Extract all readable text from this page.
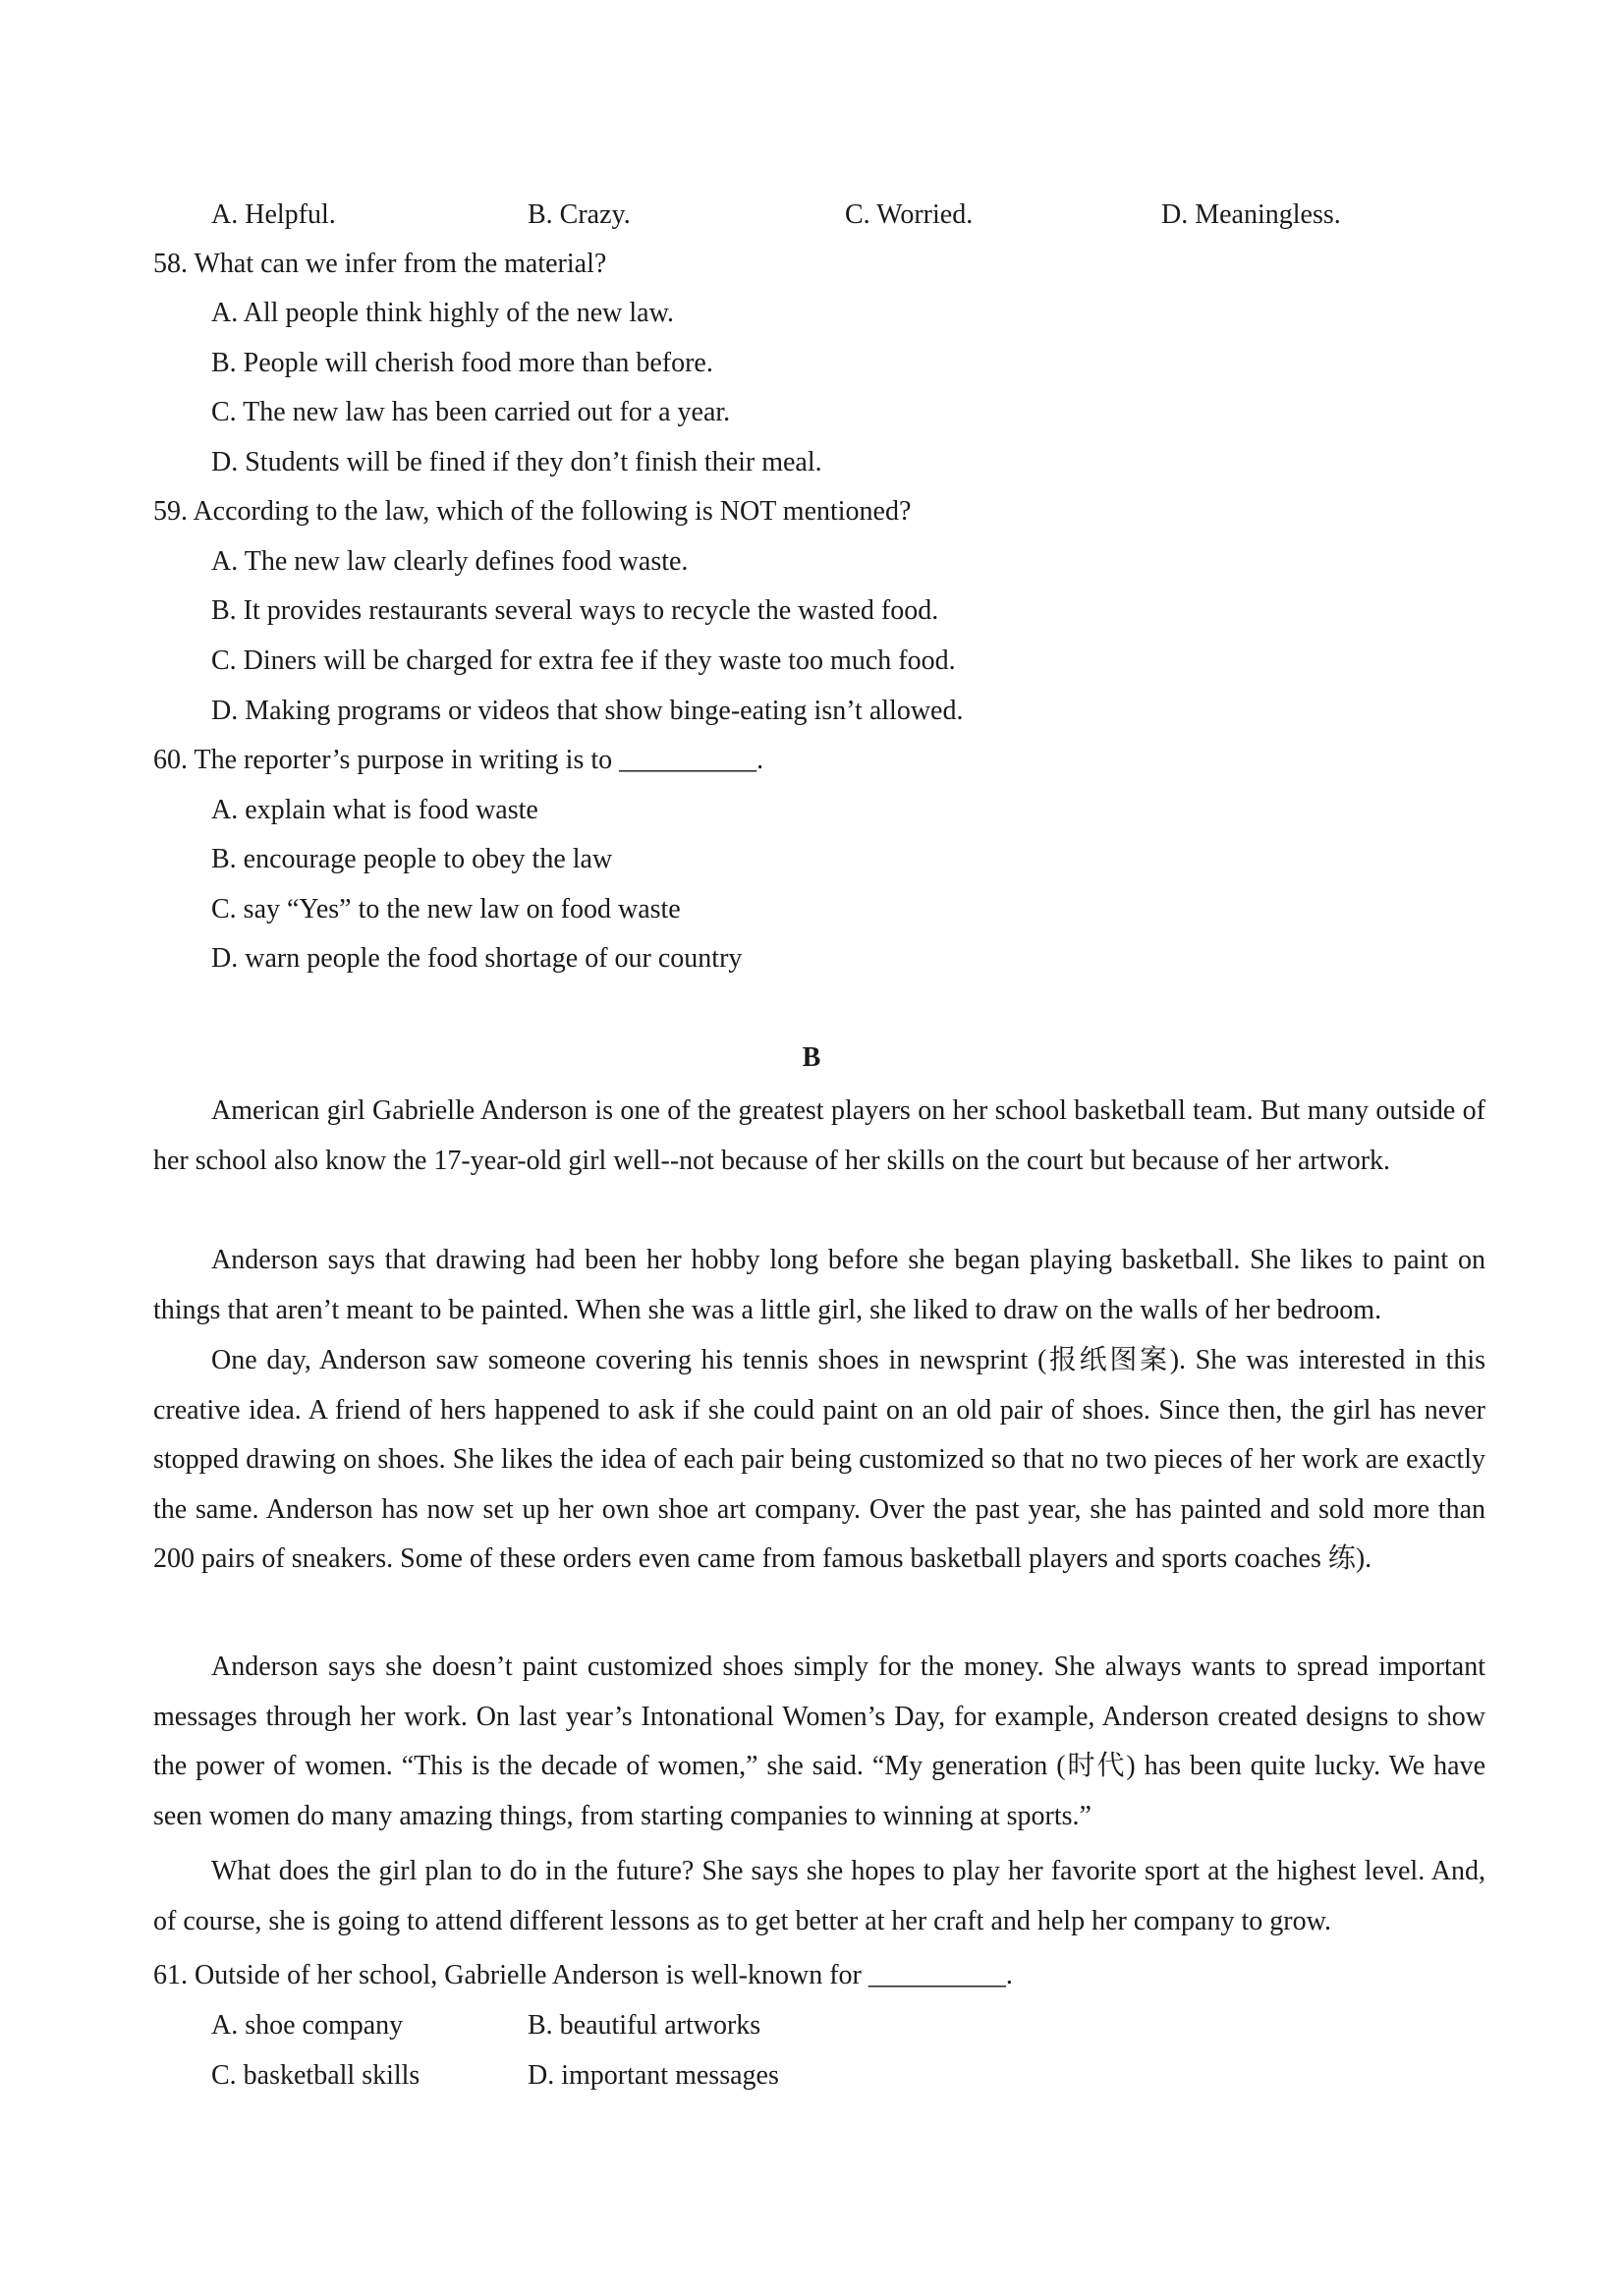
A. Helpful.	B. Crazy.	C. Worried.	D. Meaningless.
58. What can we infer from the material?
A. All people think highly of the new law.
B. People will cherish food more than before.
C. The new law has been carried out for a year.
D. Students will be fined if they don’t finish their meal.
59. According to the law, which of the following is NOT mentioned?
A. The new law clearly defines food waste.
B. It provides restaurants several ways to recycle the wasted food.
C. Diners will be charged for extra fee if they waste too much food.
D. Making programs or videos that show binge-eating isn’t allowed.
60. The reporter’s purpose in writing is to __________.
A. explain what is food waste
B. encourage people to obey the law
C. say “Yes” to the new law on food waste
D. warn people the food shortage of our country
B

American girl Gabrielle Anderson is one of the greatest players on her school basketball team. But many outside of her school also know the 17-year-old girl well--not because of her skills on the court but because of her artwork.

Anderson says that drawing had been her hobby long before she began playing basketball. She likes to paint on things that aren’t meant to be painted. When she was a little girl, she liked to draw on the walls of her bedroom.

One day, Anderson saw someone covering his tennis shoes in newsprint (报纸图案). She was interested in this creative idea. A friend of hers happened to ask if she could paint on an old pair of shoes. Since then, the girl has never stopped drawing on shoes. She likes the idea of each pair being customized so that no two pieces of her work are exactly the same. Anderson has now set up her own shoe art company. Over the past year, she has painted and sold more than 200 pairs of sneakers. Some of these orders even came from famous basketball players and sports coaches 练).

Anderson says she doesn’t paint customized shoes simply for the money. She always wants to spread important messages through her work. On last year’s Intonational Women’s Day, for example, Anderson created designs to show the power of women. “This is the decade of women,” she said. “My generation (时代) has been quite lucky. We have seen women do many amazing things, from starting companies to winning at sports.”

What does the girl plan to do in the future? She says she hopes to play her favorite sport at the highest level. And, of course, she is going to attend different lessons as to get better at her craft and help her company to grow.

61. Outside of her school, Gabrielle Anderson is well-known for __________.
A. shoe company	B. beautiful artworks
C. basketball skills	D. important messages
